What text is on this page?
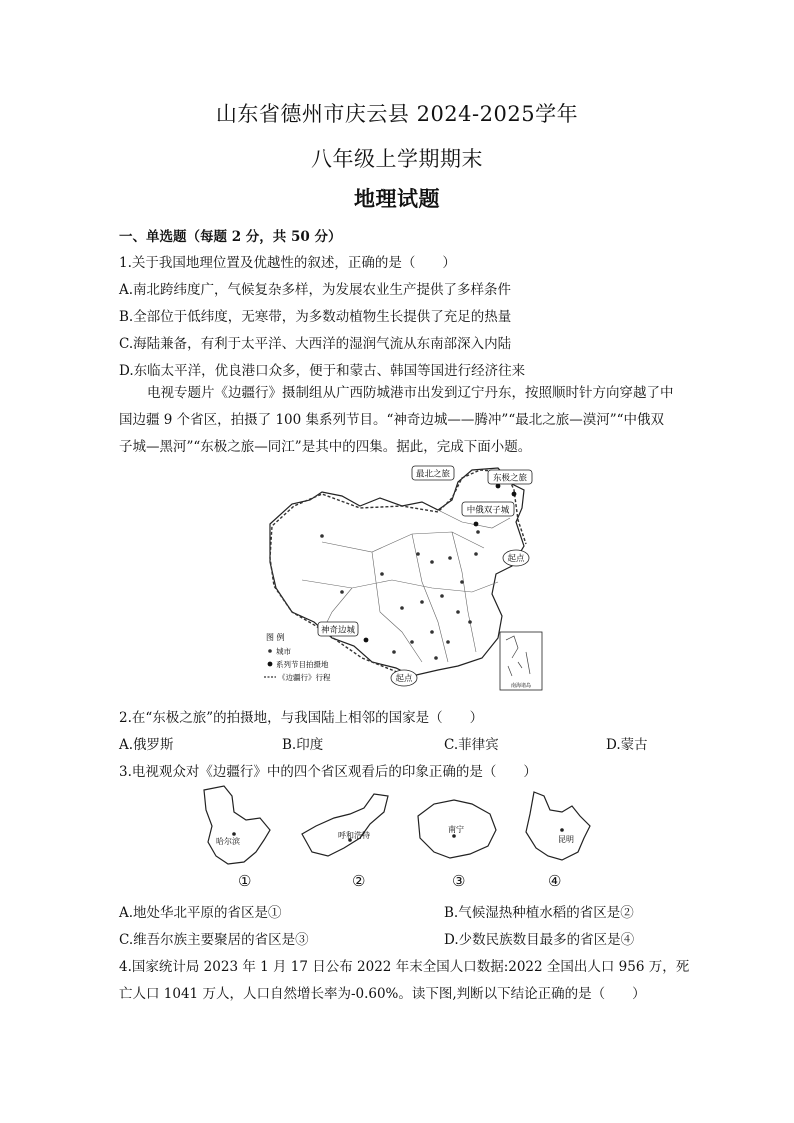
山东省德州市庆云县 2024-2025学年
八年级上学期期末
地理试题
一、单选题（每题 2 分，共 50 分）
1.关于我国地理位置及优越性的叙述，正确的是（　　）
A.南北跨纬度广，气候复杂多样，为发展农业生产提供了多样条件
B.全部位于低纬度，无寒带，为多数动植物生长提供了充足的热量
C.海陆兼备，有利于太平洋、大西洋的湿润气流从东南部深入内陆
D.东临太平洋，优良港口众多，便于和蒙古、韩国等国进行经济往来
电视专题片《边疆行》摄制组从广西防城港市出发到辽宁丹东，按照顺时针方向穿越了中国边疆 9 个省区，拍摄了 100 集系列节目。“神奇边城——腾冲”“最北之旅—漠河”“中俄双子城—黑河”“东极之旅—同江”是其中的四集。据此，完成下面小题。
最北之旅	东极之旅
中俄双子城
起点
神奇边城
起点
南海诸岛
图 例
城市
系列节目拍摄地
《边疆行》行程
2.在“东极之旅”的拍摄地，与我国陆上相邻的国家是（　　）
A.俄罗斯	B.印度	C.菲律宾	D.蒙古
3.电视观众对《边疆行》中的四个省区观看后的印象正确的是（　　）
哈尔滨
呼和浩特
南宁
昆明
①	②	③	④
A.地处华北平原的省区是①	B.气候湿热种植水稻的省区是②
C.维吾尔族主要聚居的省区是③	D.少数民族数目最多的省区是④
4.国家统计局 2023 年 1 月 17 日公布 2022 年末全国人口数据:2022 全国出人口 956 万，死
亡人口 1041 万人，人口自然增长率为-0.60%。读下图,判断以下结论正确的是（　　）
